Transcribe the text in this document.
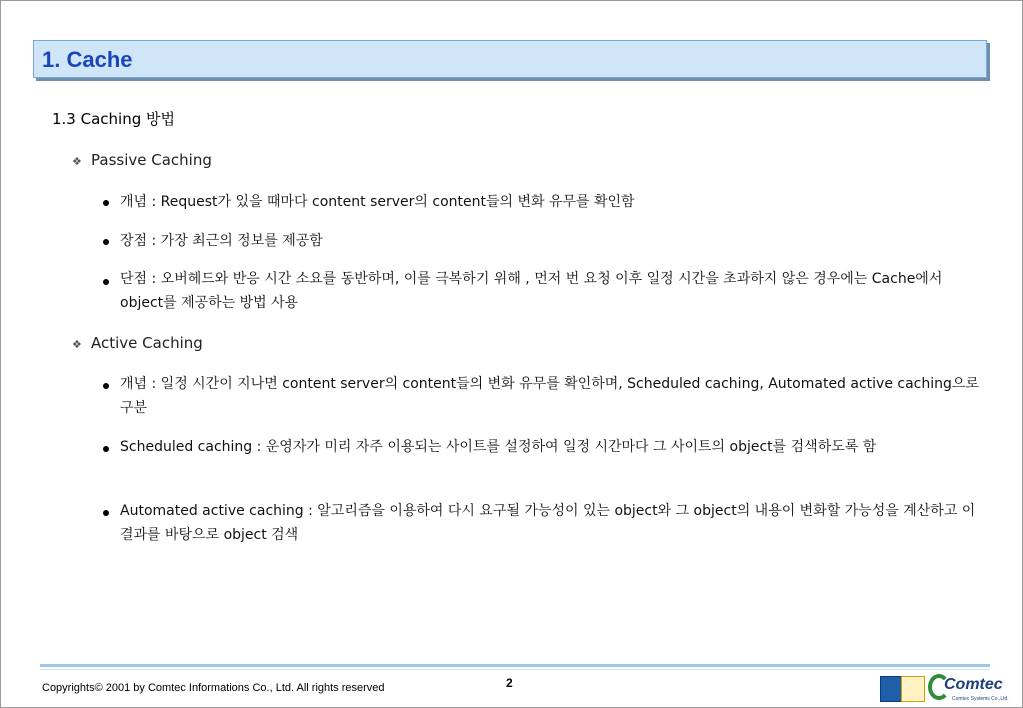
1. Cache
1.3 Caching 방법
❖ Passive Caching
개념 : Request가 있을 때마다 content server의 content들의 변화 유무를 확인함
장점 : 가장 최근의 정보를 제공함
단점 : 오버헤드와 반응 시간 소요를 동반하며, 이를 극복하기 위해 , 먼저 번 요청 이후 일정 시간을 초과하지 않은 경우에는 Cache에서 object를 제공하는 방법 사용
❖ Active Caching
개념 : 일정 시간이 지나면 content server의 content들의 변화 유무를 확인하며, Scheduled caching, Automated active caching으로 구분
Scheduled caching : 운영자가 미리 자주 이용되는 사이트를 설정하여 일정 시간마다 그 사이트의 object를 검색하도록 함
Automated active caching : 알고리즘을 이용하여 다시 요구될 가능성이 있는 object와 그 object의 내용이 변화할 가능성을 계산하고 이 결과를 바탕으로 object 검색
Copyrights© 2001 by Comtec Informations Co., Ltd. All rights reserved	2	Comtec
Comtec Systems Co.,Ltd.
